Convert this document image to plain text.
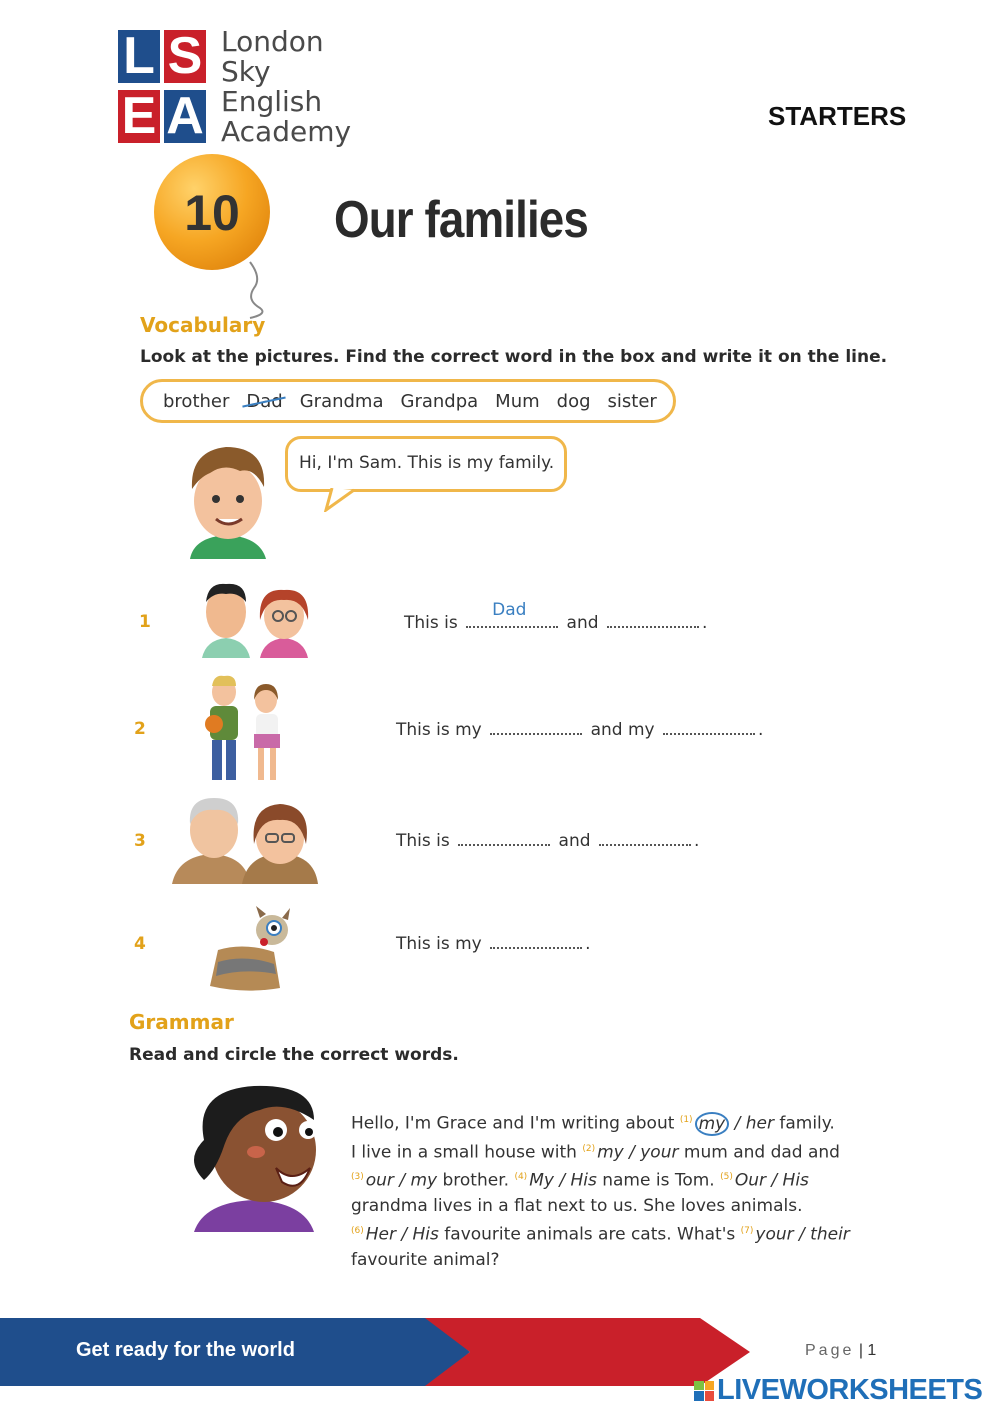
L S
E A
London
Sky
English
Academy	STARTERS
10 Our families
Vocabulary
Look at the pictures. Find the correct word in the box and write it on the line.
brother Dad Grandma Grandpa Mum dog sister
Hi, I'm Sam. This is my family.
1	This is
Dad
and	.
2	This is my	and my	.
3	This is	and	.
4	This is my	.
Grammar
Read and circle the correct words.
Hello, I'm Grace and I'm writing about $^{(1)}$ my / her family.
I live in a small house with $^{(2)}$ my / your mum and dad and
$^{(3)}$ our / my brother. $^{(4)}$ My / His name is Tom. $^{(5)}$ Our / His
grandma lives in a flat next to us. She loves animals.
$^{(6)}$ Her / His favourite animals are cats. What's $^{(7)}$ your / their
favourite animal?
Get ready for the world	Page | 1
LIVEWORKSHEETS
